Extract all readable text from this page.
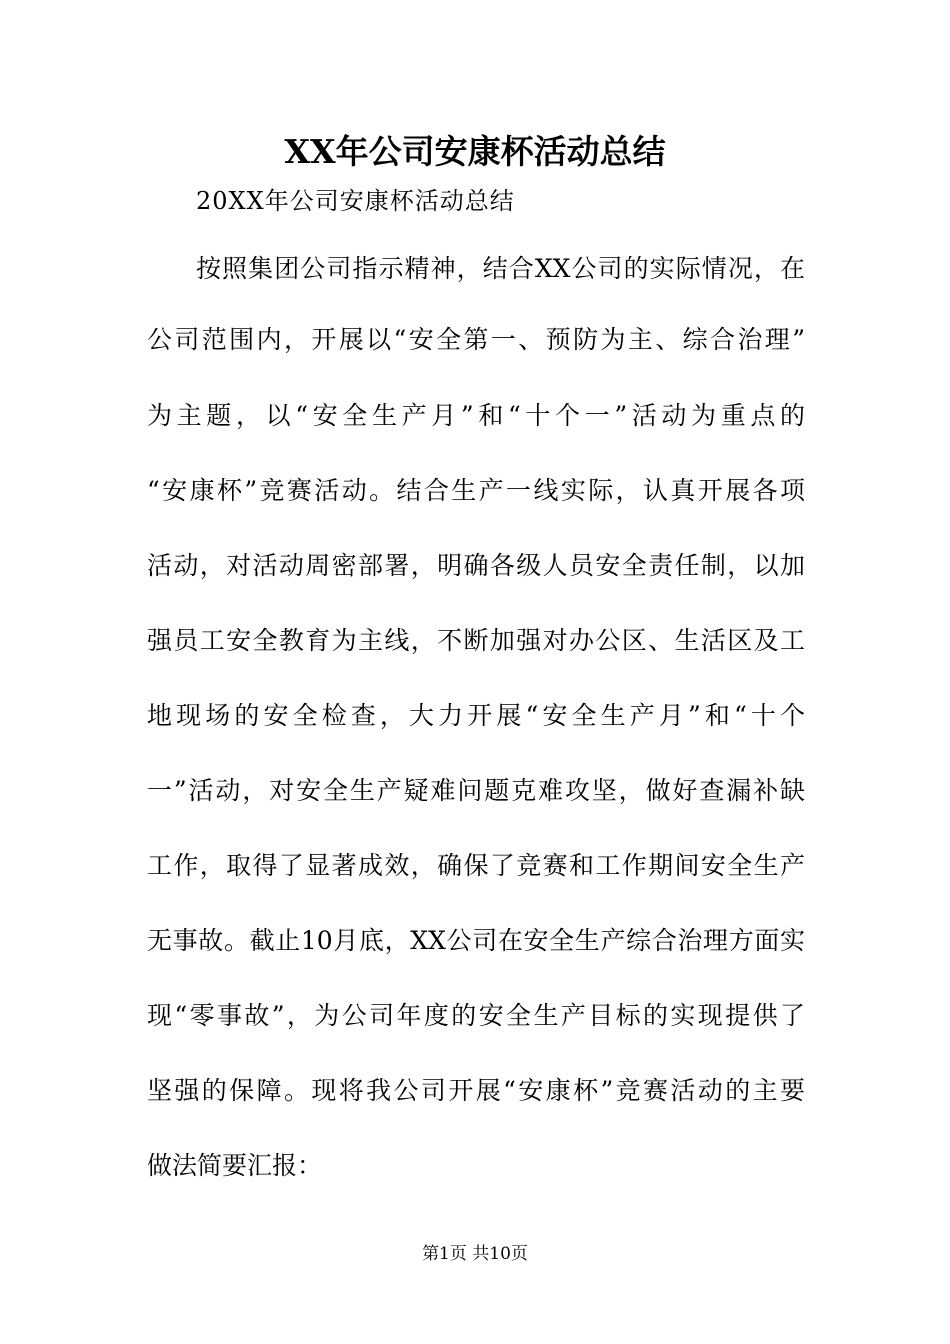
XX年公司安康杯活动总结
20XX年公司安康杯活动总结
按照集团公司指示精神，结合XX公司的实际情况，在
公司范围内，开展以“安全第一、预防为主、综合治理”
为主题，以“安全生产月”和“十个一”活动为重点的
“安康杯”竞赛活动。结合生产一线实际，认真开展各项
活动，对活动周密部署，明确各级人员安全责任制，以加
强员工安全教育为主线，不断加强对办公区、生活区及工
地现场的安全检查，大力开展“安全生产月”和“十个
一”活动，对安全生产疑难问题克难攻坚，做好查漏补缺
工作，取得了显著成效，确保了竞赛和工作期间安全生产
无事故。截止10月底，XX公司在安全生产综合治理方面实
现“零事故”，为公司年度的安全生产目标的实现提供了
坚强的保障。现将我公司开展“安康杯”竞赛活动的主要
做法简要汇报：
第1页 共10页
